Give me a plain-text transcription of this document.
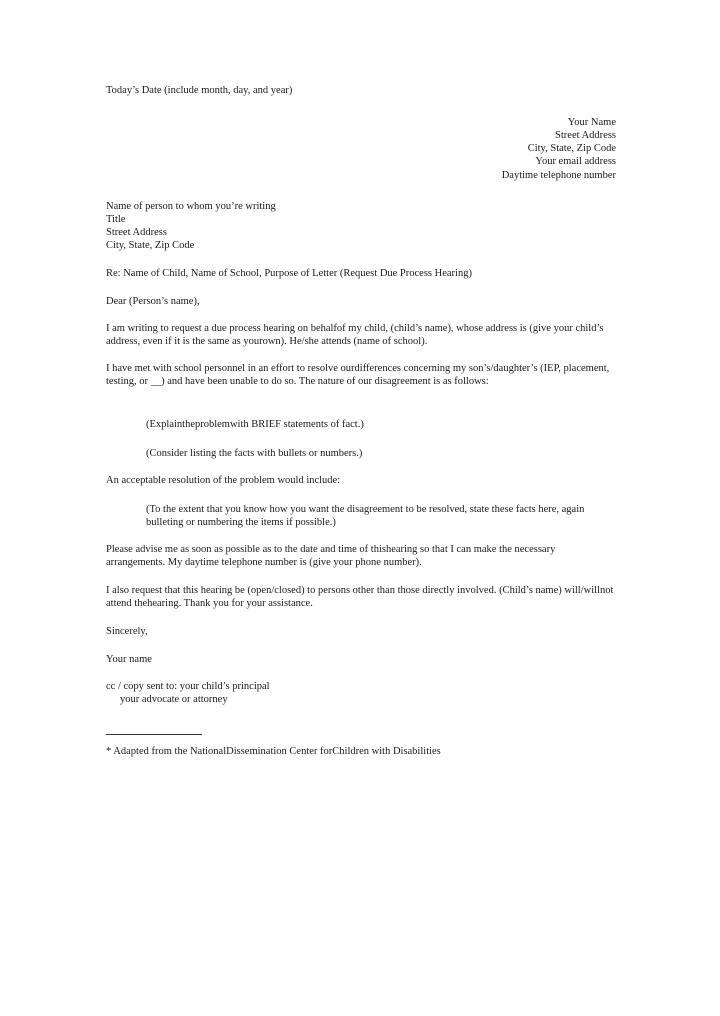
Today’s Date (include month, day, and year)
Your Name
Street Address
City, State, Zip Code
Your email address
Daytime telephone number
Name of person to whom you’re writing
Title
Street Address
City, State, Zip Code
Re: Name of Child, Name of School, Purpose of Letter (Request Due Process Hearing)
Dear (Person’s name),
I am writing to request a due process hearing on behalfof my child, (child’s name), whose address is (give your child’s address, even if it is the same as yourown). He/she attends (name of school).
I have met with school personnel in an effort to resolve ourdifferences concerning my son’s/daughter’s (IEP, placement, testing, or __) and have been unable to do so. The nature of our disagreement is as follows:
(Explaintheproblemwith BRIEF statements of fact.)
(Consider listing the facts with bullets or numbers.)
An acceptable resolution of the problem would include:
(To the extent that you know how you want the disagreement to be resolved, state these facts here, again bulleting or numbering the items if possible.)
Please advise me as soon as possible as to the date and time of thishearing so that I can make the necessary arrangements. My daytime telephone number is (give your phone number).
I also request that this hearing be (open/closed) to persons other than those directly involved. (Child’s name) will/willnot attend thehearing. Thank you for your assistance.
Sincerely,
Your name
cc / copy sent to: your child’s principal
your advocate or attorney
* Adapted from the NationalDissemination Center forChildren with Disabilities
